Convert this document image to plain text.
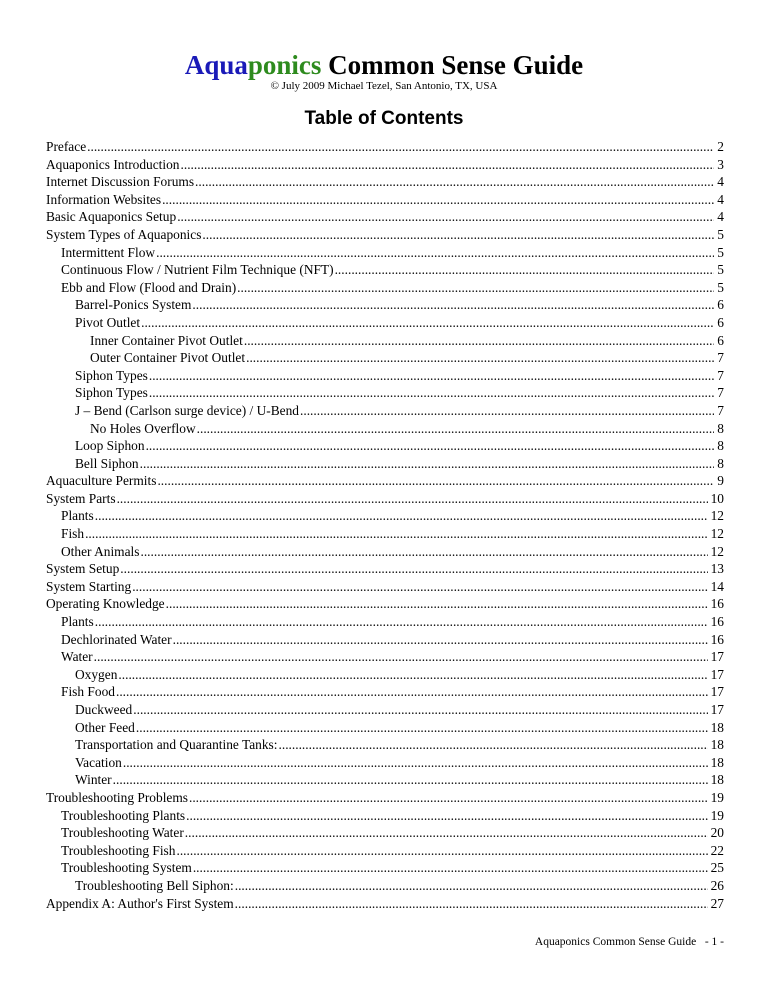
Aquaponics Common Sense Guide
© July 2009 Michael Tezel, San Antonio, TX, USA
Table of Contents
Preface .....	2
Aquaponics Introduction .....	3
Internet Discussion Forums .....	4
Information Websites .....	4
Basic Aquaponics Setup .....	4
System Types of Aquaponics .....	5
Intermittent Flow .....	5
Continuous Flow / Nutrient Film Technique (NFT) .....	5
Ebb and Flow (Flood and Drain) .....	5
Barrel-Ponics System .....	6
Pivot Outlet .....	6
Inner Container Pivot Outlet .....	6
Outer Container Pivot Outlet .....	7
Siphon Types .....	7
Siphon Types .....	7
J – Bend (Carlson surge device) / U-Bend .....	7
No Holes Overflow .....	8
Loop Siphon .....	8
Bell Siphon .....	8
Aquaculture Permits .....	9
System Parts .....	10
Plants .....	12
Fish .....	12
Other Animals .....	12
System Setup .....	13
System Starting .....	14
Operating Knowledge .....	16
Plants .....	16
Dechlorinated Water .....	16
Water .....	17
Oxygen .....	17
Fish Food .....	17
Duckweed .....	17
Other Feed .....	18
Transportation and Quarantine Tanks: .....	18
Vacation .....	18
Winter .....	18
Troubleshooting Problems .....	19
Troubleshooting Plants .....	19
Troubleshooting Water .....	20
Troubleshooting Fish .....	22
Troubleshooting System .....	25
Troubleshooting Bell Siphon: .....	26
Appendix A: Author's First System .....	27
Aquaponics Common Sense Guide - 1 -
